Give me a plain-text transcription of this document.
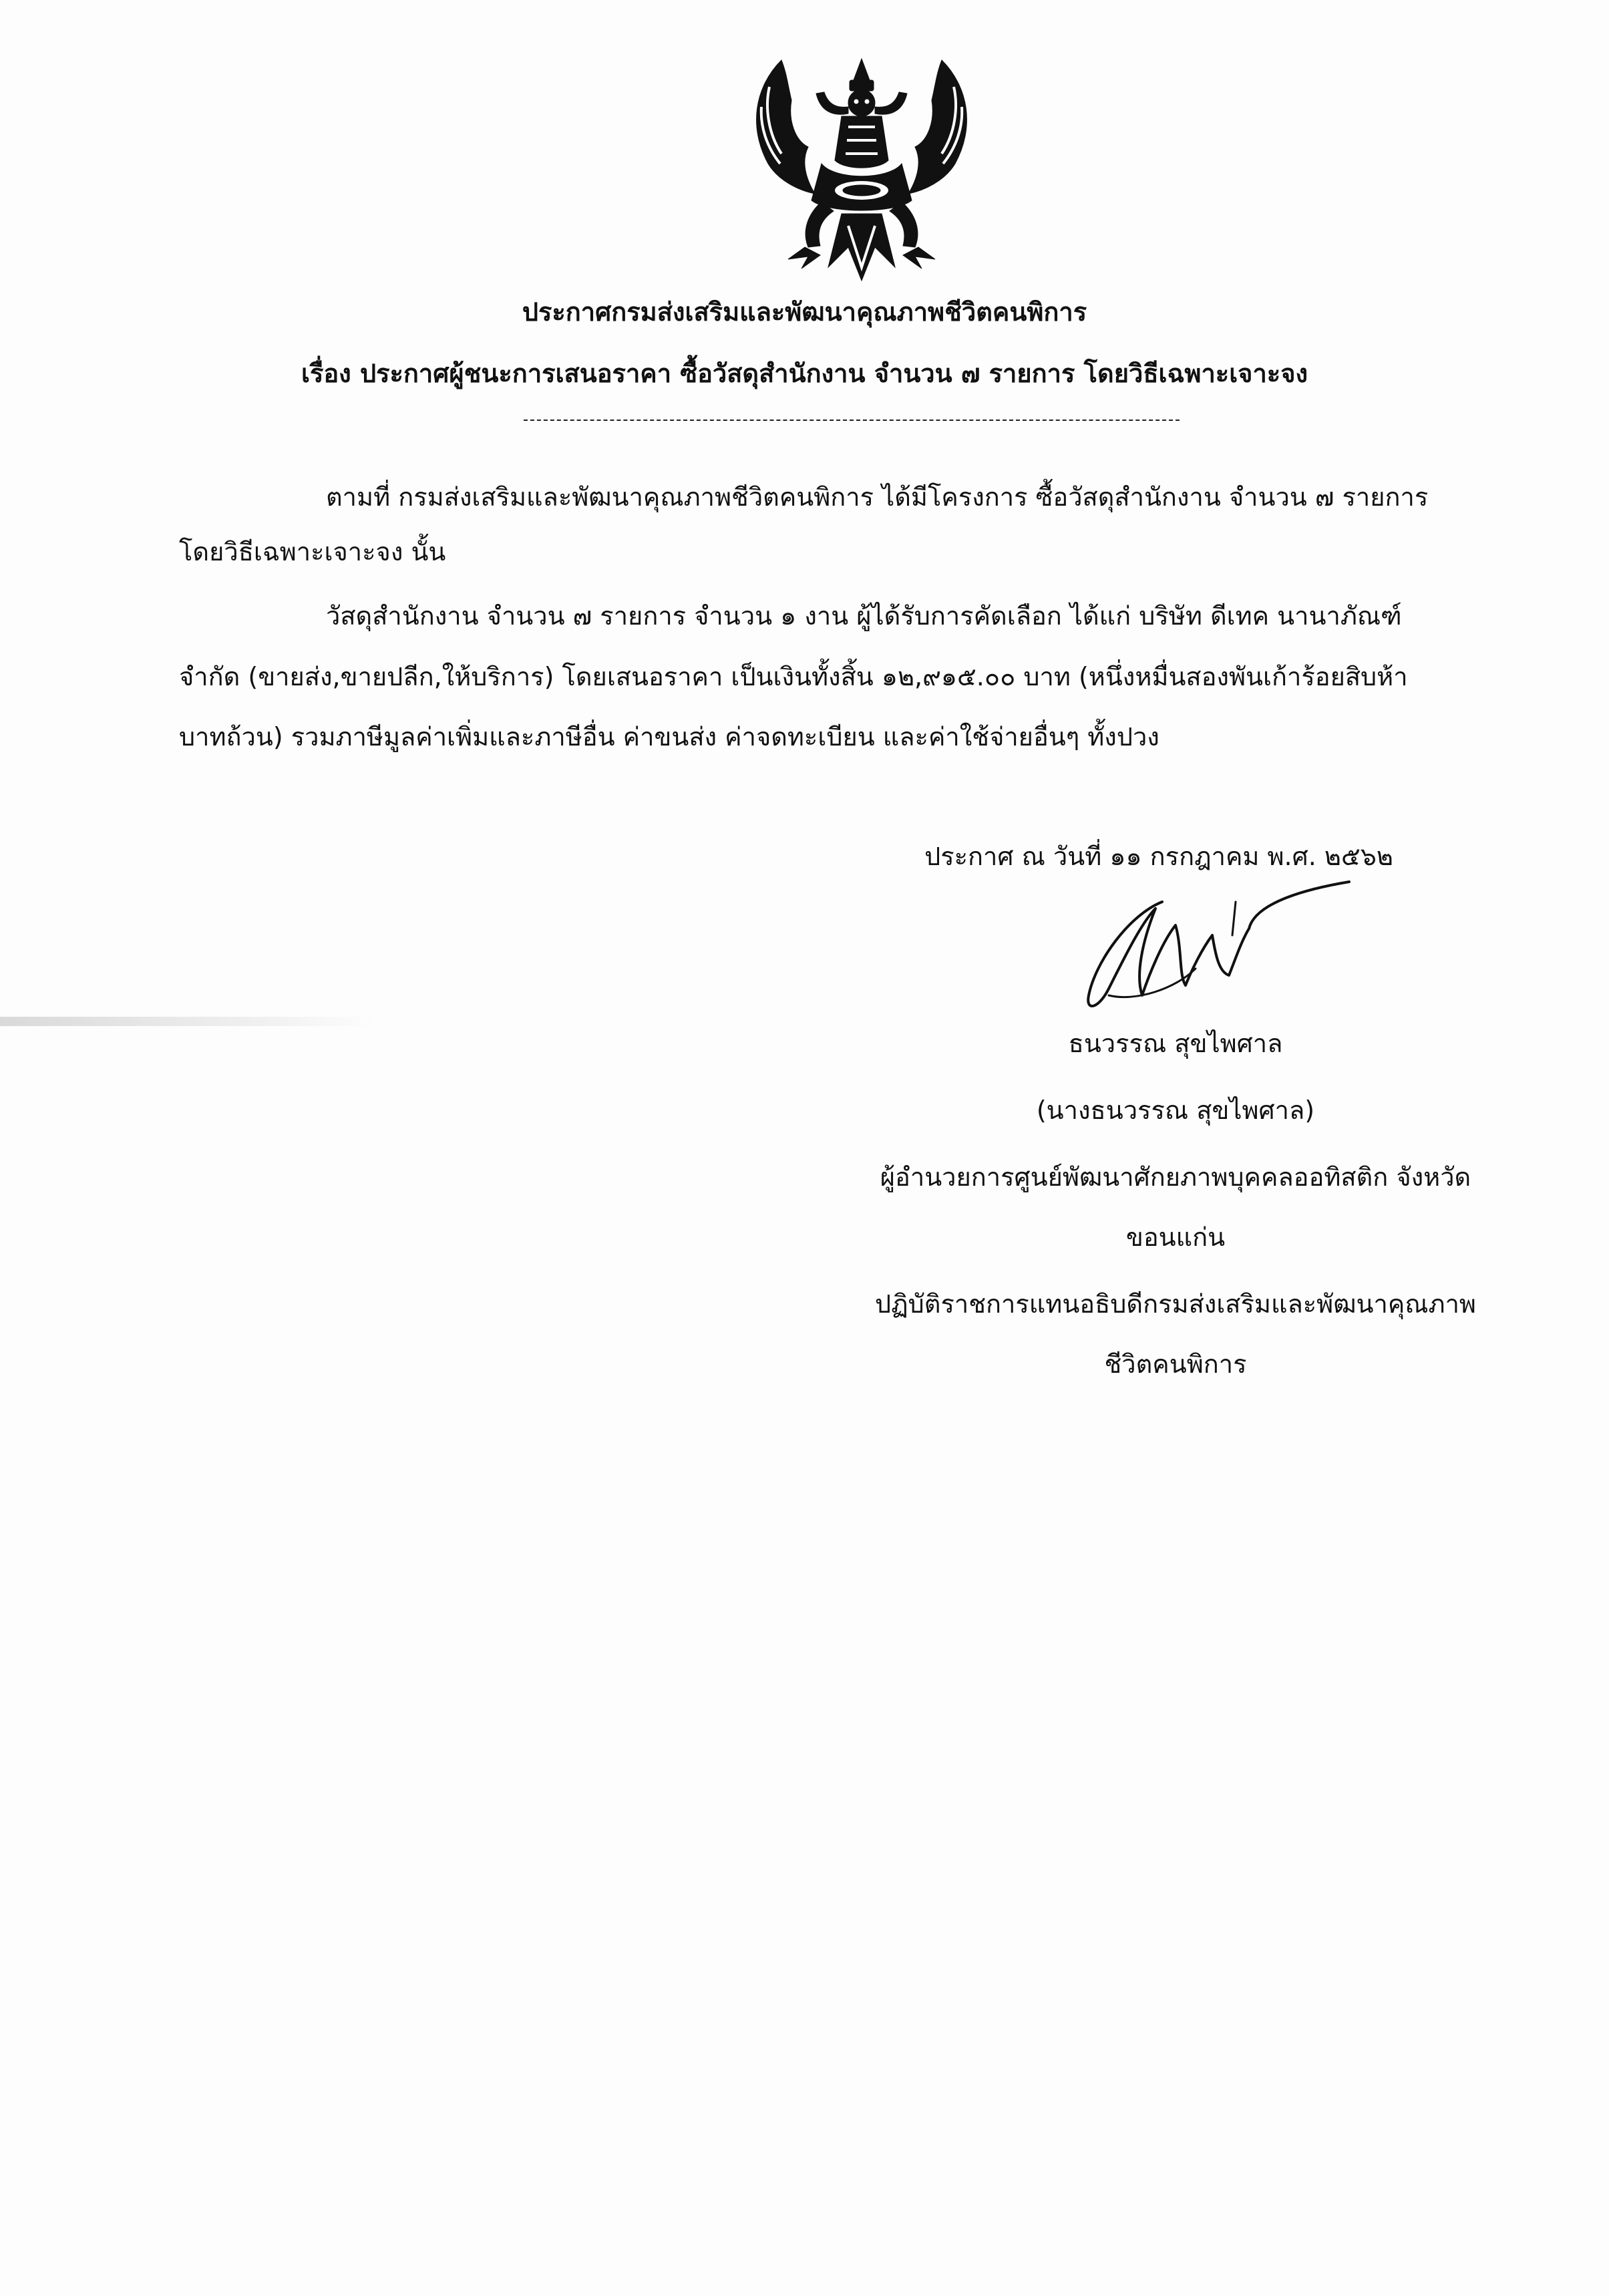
ประกาศกรมส่งเสริมและพัฒนาคุณภาพชีวิตคนพิการ
เรื่อง ประกาศผู้ชนะการเสนอราคา ซื้อวัสดุสำนักงาน จำนวน ๗ รายการ โดยวิธีเฉพาะเจาะจง
ตามที่ กรมส่งเสริมและพัฒนาคุณภาพชีวิตคนพิการ ได้มีโครงการ ซื้อวัสดุสำนักงาน จำนวน ๗ รายการ
โดยวิธีเฉพาะเจาะจง นั้น
วัสดุสำนักงาน จำนวน ๗ รายการ จำนวน ๑ งาน ผู้ได้รับการคัดเลือก ได้แก่ บริษัท ดีเทค นานาภัณฑ์
จำกัด (ขายส่ง,ขายปลีก,ให้บริการ) โดยเสนอราคา เป็นเงินทั้งสิ้น ๑๒,๙๑๕.๐๐ บาท (หนึ่งหมื่นสองพันเก้าร้อยสิบห้า
บาทถ้วน) รวมภาษีมูลค่าเพิ่มและภาษีอื่น ค่าขนส่ง ค่าจดทะเบียน และค่าใช้จ่ายอื่นๆ ทั้งปวง
ประกาศ ณ วันที่ ๑๑ กรกฎาคม พ.ศ. ๒๕๖๒
ธนวรรณ สุขไพศาล
(นางธนวรรณ สุขไพศาล)
ผู้อำนวยการศูนย์พัฒนาศักยภาพบุคคลออทิสติก จังหวัด
ขอนแก่น
ปฏิบัติราชการแทนอธิบดีกรมส่งเสริมและพัฒนาคุณภาพ
ชีวิตคนพิการ
